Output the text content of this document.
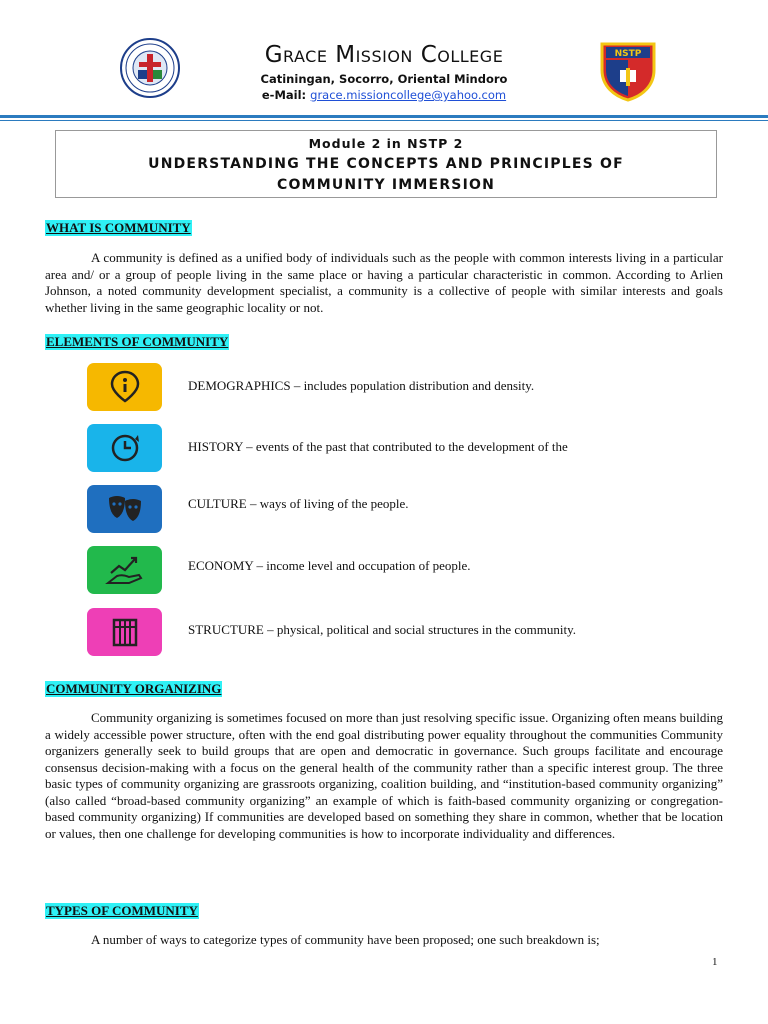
NSTP
Grace Mission College
Catiningan, Socorro, Oriental Mindoro
e-Mail: grace.missioncollege@yahoo.com
Module 2 in NSTP 2
UNDERSTANDING THE CONCEPTS AND PRINCIPLES OF
COMMUNITY IMMERSION
WHAT IS COMMUNITY
A community is defined as a unified body of individuals such as the people with common interests living in a particular area and/ or a group of people living in the same place or having a particular characteristic in common. According to Arlien Johnson, a noted community development specialist, a community is a collective of people with similar interests and goals whether living in the same geographic locality or not.
ELEMENTS OF COMMUNITY
DEMOGRAPHICS – includes population distribution and density.
HISTORY – events of the past that contributed to the development of the
CULTURE – ways of living of the people.
ECONOMY – income level and occupation of people.
STRUCTURE – physical, political and social structures in the community.
COMMUNITY ORGANIZING
Community organizing is sometimes focused on more than just resolving specific issue. Organizing often means building a widely accessible power structure, often with the end goal distributing power equality throughout the communities Community organizers generally seek to build groups that are open and democratic in governance. Such groups facilitate and encourage consensus decision-making with a focus on the general health of the community rather than a specific interest group. The three basic types of community organizing are grassroots organizing, coalition building, and “institution-based community organizing” (also called “broad-based community organizing” an example of which is faith-based community organizing or congregation-based community organizing) If communities are developed based on something they share in common, whether that be location or values, then one challenge for developing communities is how to incorporate individuality and differences.
TYPES OF COMMUNITY
A number of ways to categorize types of community have been proposed; one such breakdown is;
1
